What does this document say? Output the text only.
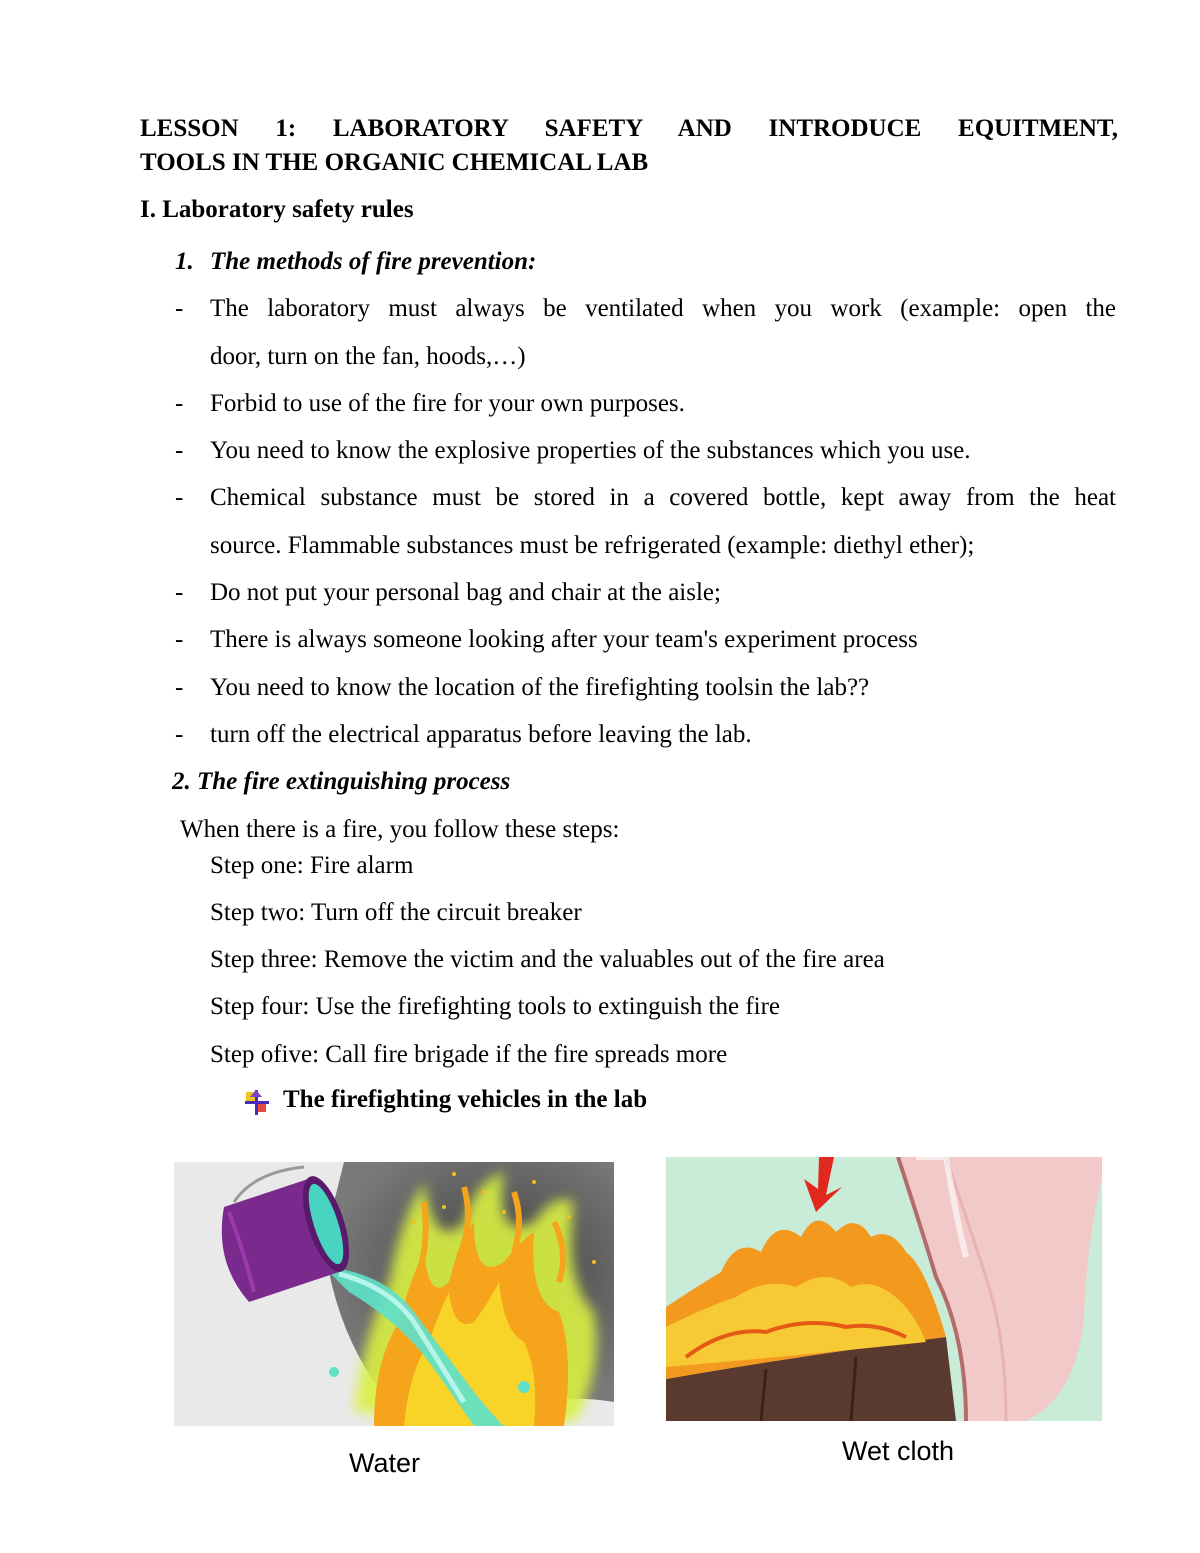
LESSON 1: LABORATORY SAFETY AND INTRODUCE EQUITMENT,
TOOLS IN THE ORGANIC CHEMICAL LAB
I. Laboratory safety rules
1. The methods of fire prevention:
- The laboratory must always be ventilated when you work (example: open the
door, turn on the fan, hoods,…)
- Forbid to use of the fire for your own purposes.
- You need to know the explosive properties of the substances which you use.
- Chemical substance must be stored in a covered bottle, kept away from the heat
source. Flammable substances must be refrigerated (example: diethyl ether);
- Do not put your personal bag and chair at the aisle;
- There is always someone looking after your team's experiment process
- You need to know the location of the firefighting toolsin the lab??
- turn off the electrical apparatus before leaving the lab.
2. The fire extinguishing process
When there is a fire, you follow these steps:
Step one: Fire alarm
Step two: Turn off the circuit breaker
Step three: Remove the victim and the valuables out of the fire area
Step four: Use the firefighting tools to extinguish the fire
Step ofive: Call fire brigade if the fire spreads more
The firefighting vehicles in the lab
Water	Wet cloth
